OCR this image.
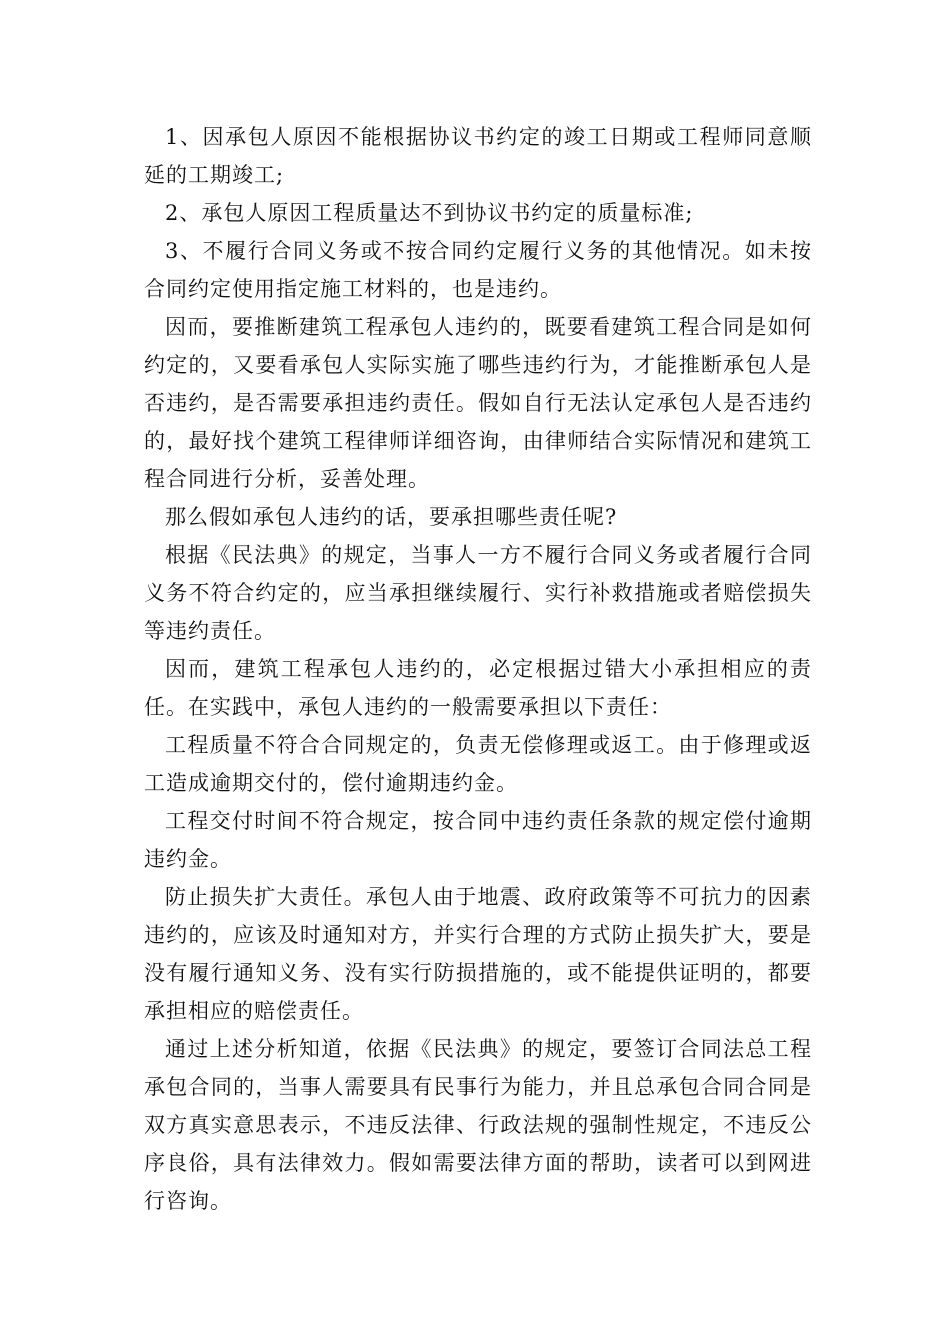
1、因承包人原因不能根据协议书约定的竣工日期或工程师同意顺延的工期竣工;

2、承包人原因工程质量达不到协议书约定的质量标准;

3、不履行合同义务或不按合同约定履行义务的其他情况。如未按合同约定使用指定施工材料的，也是违约。

因而，要推断建筑工程承包人违约的，既要看建筑工程合同是如何约定的，又要看承包人实际实施了哪些违约行为，才能推断承包人是否违约，是否需要承担违约责任。假如自行无法认定承包人是否违约的，最好找个建筑工程律师详细咨询，由律师结合实际情况和建筑工程合同进行分析，妥善处理。

那么假如承包人违约的话，要承担哪些责任呢?

根据《民法典》的规定，当事人一方不履行合同义务或者履行合同义务不符合约定的，应当承担继续履行、实行补救措施或者赔偿损失等违约责任。

因而，建筑工程承包人违约的，必定根据过错大小承担相应的责任。在实践中，承包人违约的一般需要承担以下责任：

工程质量不符合合同规定的，负责无偿修理或返工。由于修理或返工造成逾期交付的，偿付逾期违约金。

工程交付时间不符合规定，按合同中违约责任条款的规定偿付逾期违约金。

防止损失扩大责任。承包人由于地震、政府政策等不可抗力的因素违约的，应该及时通知对方，并实行合理的方式防止损失扩大，要是没有履行通知义务、没有实行防损措施的，或不能提供证明的，都要承担相应的赔偿责任。

通过上述分析知道，依据《民法典》的规定，要签订合同法总工程承包合同的，当事人需要具有民事行为能力，并且总承包合同合同是双方真实意思表示，不违反法律、行政法规的强制性规定，不违反公序良俗，具有法律效力。假如需要法律方面的帮助，读者可以到网进行咨询。
